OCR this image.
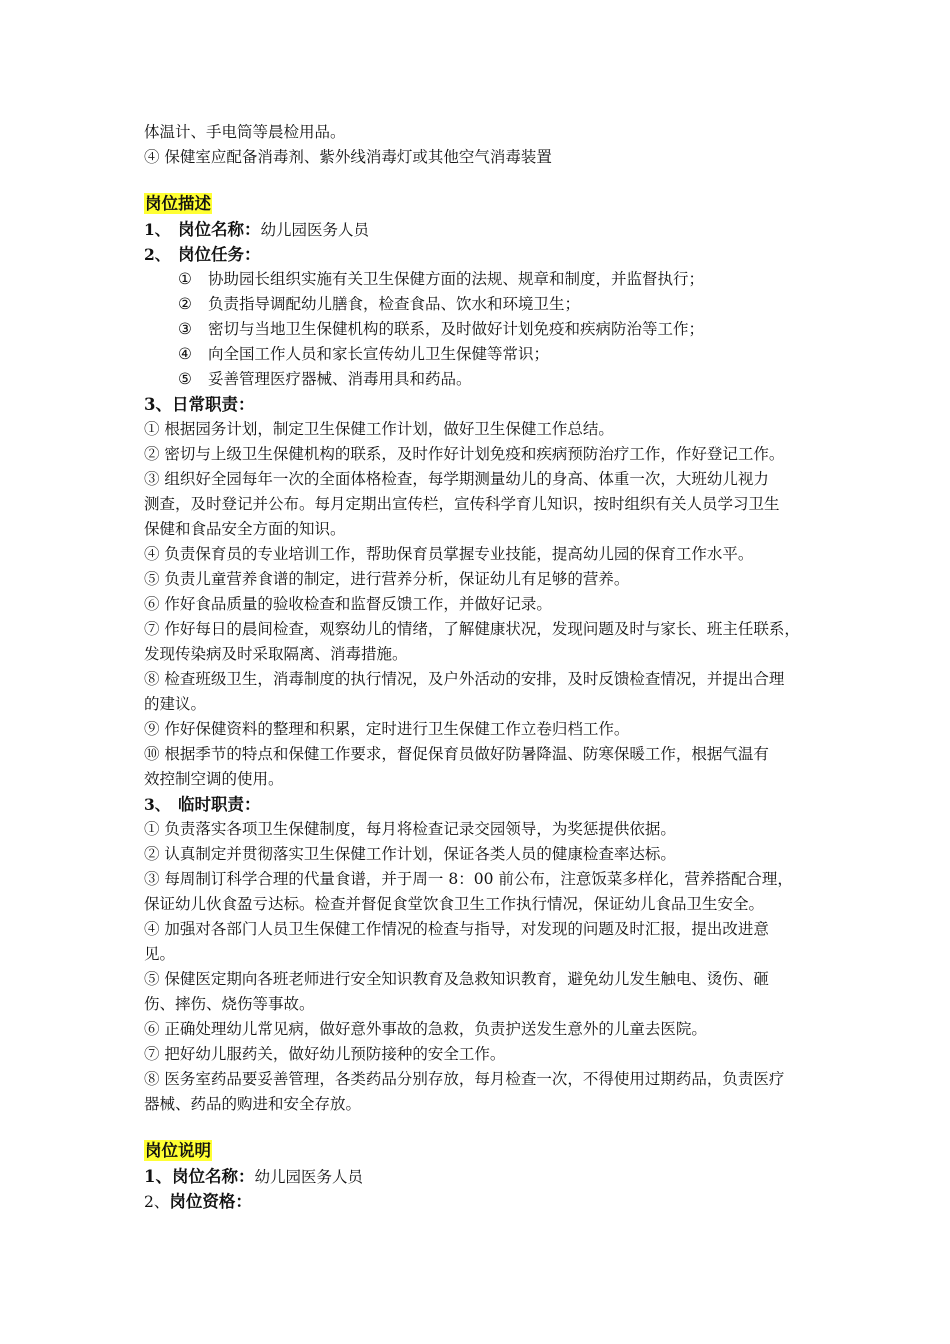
体温计、手电筒等晨检用品。
④ 保健室应配备消毒剂、紫外线消毒灯或其他空气消毒装置
岗位描述
1、 岗位名称：幼儿园医务人员
2、 岗位任务：
① 协助园长组织实施有关卫生保健方面的法规、规章和制度，并监督执行；
② 负责指导调配幼儿膳食，检查食品、饮水和环境卫生；
③ 密切与当地卫生保健机构的联系，及时做好计划免疫和疾病防治等工作；
④ 向全国工作人员和家长宣传幼儿卫生保健等常识；
⑤ 妥善管理医疗器械、消毒用具和药品。
3、日常职责：
① 根据园务计划，制定卫生保健工作计划，做好卫生保健工作总结。
② 密切与上级卫生保健机构的联系，及时作好计划免疫和疾病预防治疗工作，作好登记工作。
③ 组织好全园每年一次的全面体格检查，每学期测量幼儿的身高、体重一次，大班幼儿视力
测查，及时登记并公布。每月定期出宣传栏，宣传科学育儿知识，按时组织有关人员学习卫生
保健和食品安全方面的知识。
④ 负责保育员的专业培训工作，帮助保育员掌握专业技能，提高幼儿园的保育工作水平。
⑤ 负责儿童营养食谱的制定，进行营养分析，保证幼儿有足够的营养。
⑥ 作好食品质量的验收检查和监督反馈工作，并做好记录。
⑦ 作好每日的晨间检查，观察幼儿的情绪，了解健康状况，发现问题及时与家长、班主任联系，
发现传染病及时采取隔离、消毒措施。
⑧ 检查班级卫生，消毒制度的执行情况，及户外活动的安排，及时反馈检查情况，并提出合理
的建议。
⑨ 作好保健资料的整理和积累，定时进行卫生保健工作立卷归档工作。
⑩ 根据季节的特点和保健工作要求，督促保育员做好防暑降温、防寒保暖工作，根据气温有
效控制空调的使用。
3、 临时职责：
① 负责落实各项卫生保健制度，每月将检查记录交园领导，为奖惩提供依据。
② 认真制定并贯彻落实卫生保健工作计划，保证各类人员的健康检查率达标。
③ 每周制订科学合理的代量食谱，并于周一 8：00 前公布，注意饭菜多样化，营养搭配合理，
保证幼儿伙食盈亏达标。检查并督促食堂饮食卫生工作执行情况，保证幼儿食品卫生安全。
④ 加强对各部门人员卫生保健工作情况的检查与指导，对发现的问题及时汇报，提出改进意
见。
⑤ 保健医定期向各班老师进行安全知识教育及急救知识教育，避免幼儿发生触电、烫伤、砸
伤、摔伤、烧伤等事故。
⑥ 正确处理幼儿常见病，做好意外事故的急救，负责护送发生意外的儿童去医院。
⑦ 把好幼儿服药关，做好幼儿预防接种的安全工作。
⑧ 医务室药品要妥善管理，各类药品分别存放，每月检查一次，不得使用过期药品，负责医疗
器械、药品的购进和安全存放。
岗位说明
1、岗位名称：幼儿园医务人员
2、岗位资格：
